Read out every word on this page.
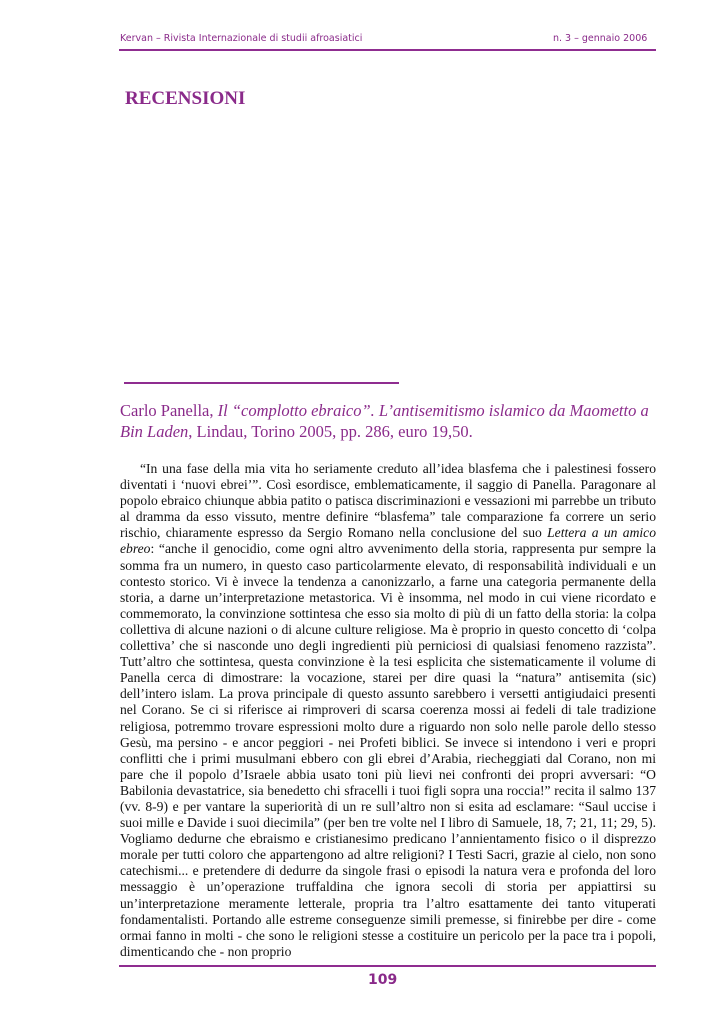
Kervan – Rivista Internazionale di studii afroasiatici	n. 3 – gennaio 2006
RECENSIONI

Carlo Panella, Il “complotto ebraico”. L’antisemitismo islamico da Maometto a Bin Laden, Lindau, Torino 2005, pp. 286, euro 19,50.

“In una fase della mia vita ho seriamente creduto all’idea blasfema che i palestinesi fossero diventati i ‘nuovi ebrei’”. Così esordisce, emblematicamente, il saggio di Panella. Paragonare al popolo ebraico chiunque abbia patito o patisca discriminazioni e vessazioni mi parrebbe un tributo al dramma da esso vissuto, mentre definire “blasfema” tale comparazione fa correre un serio rischio, chiaramente espresso da Sergio Romano nella conclusione del suo Lettera a un amico ebreo: “anche il genocidio, come ogni altro avvenimento della storia, rappresenta pur sempre la somma fra un numero, in questo caso particolarmente elevato, di responsabilità individuali e un contesto storico. Vi è invece la tendenza a canonizzarlo, a farne una categoria permanente della storia, a darne un’interpretazione metastorica. Vi è insomma, nel modo in cui viene ricordato e commemorato, la convinzione sottintesa che esso sia molto di più di un fatto della storia: la colpa collettiva di alcune nazioni o di alcune culture religiose. Ma è proprio in questo concetto di ‘colpa collettiva’ che si nasconde uno degli ingredienti più perniciosi di qualsiasi fenomeno razzista”. Tutt’altro che sottintesa, questa convinzione è la tesi esplicita che sistematicamente il volume di Panella cerca di dimostrare: la vocazione, starei per dire quasi la “natura” antisemita (sic) dell’intero islam. La prova principale di questo assunto sarebbero i versetti antigiudaici presenti nel Corano. Se ci si riferisce ai rimproveri di scarsa coerenza mossi ai fedeli di tale tradizione religiosa, potremmo trovare espressioni molto dure a riguardo non solo nelle parole dello stesso Gesù, ma persino - e ancor peggiori - nei Profeti biblici. Se invece si intendono i veri e propri conflitti che i primi musulmani ebbero con gli ebrei d’Arabia, riecheggiati dal Corano, non mi pare che il popolo d’Israele abbia usato toni più lievi nei confronti dei propri avversari: “O Babilonia devastatrice, sia benedetto chi sfracelli i tuoi figli sopra una roccia!” recita il salmo 137 (vv. 8-9) e per vantare la superiorità di un re sull’altro non si esita ad esclamare: “Saul uccise i suoi mille e Davide i suoi diecimila” (per ben tre volte nel I libro di Samuele, 18, 7; 21, 11; 29, 5). Vogliamo dedurne che ebraismo e cristianesimo predicano l’annientamento fisico o il disprezzo morale per tutti coloro che appartengono ad altre religioni? I Testi Sacri, grazie al cielo, non sono catechismi... e pretendere di dedurre da singole frasi o episodi la natura vera e profonda del loro messaggio è un’operazione truffaldina che ignora secoli di storia per appiattirsi su un’interpretazione meramente letterale, propria tra l’altro esattamente dei tanto vituperati fondamentalisti. Portando alle estreme conseguenze simili premesse, si finirebbe per dire - come ormai fanno in molti - che sono le religioni stesse a costituire un pericolo per la pace tra i popoli, dimenticando che - non proprio

109
